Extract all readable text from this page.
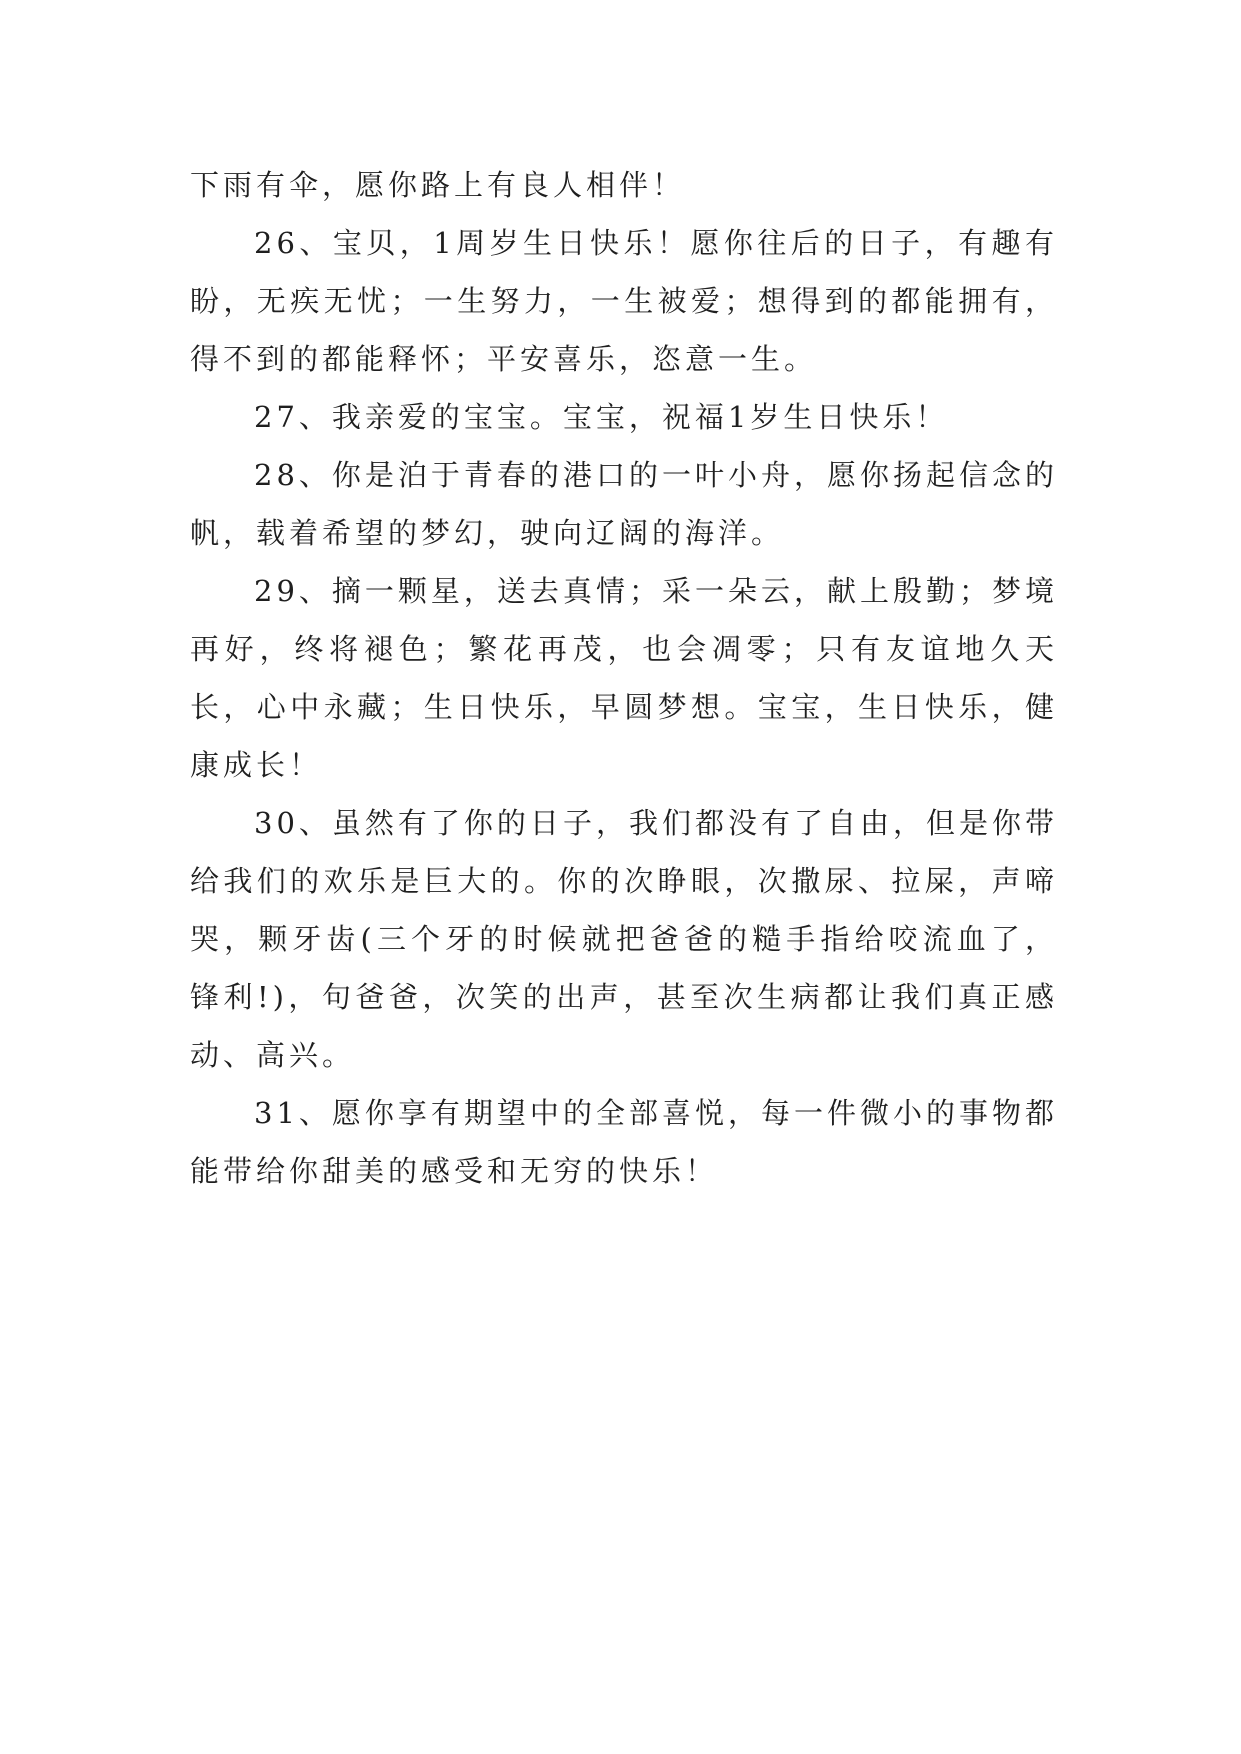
下雨有伞，愿你路上有良人相伴！

26、宝贝，1周岁生日快乐！愿你往后的日子，有趣有盼，无疾无忧；一生努力，一生被爱；想得到的都能拥有，得不到的都能释怀；平安喜乐，恣意一生。

27、我亲爱的宝宝。宝宝，祝福1岁生日快乐！

28、你是泊于青春的港口的一叶小舟，愿你扬起信念的帆，载着希望的梦幻，驶向辽阔的海洋。

29、摘一颗星，送去真情；采一朵云，献上殷勤；梦境再好，终将褪色；繁花再茂，也会凋零；只有友谊地久天长，心中永藏；生日快乐，早圆梦想。宝宝，生日快乐，健康成长！

30、虽然有了你的日子，我们都没有了自由，但是你带给我们的欢乐是巨大的。你的次睁眼，次撒尿、拉屎，声啼哭，颗牙齿(三个牙的时候就把爸爸的糙手指给咬流血了，锋利!)，句爸爸，次笑的出声，甚至次生病都让我们真正感动、高兴。

31、愿你享有期望中的全部喜悦，每一件微小的事物都能带给你甜美的感受和无穷的快乐！
